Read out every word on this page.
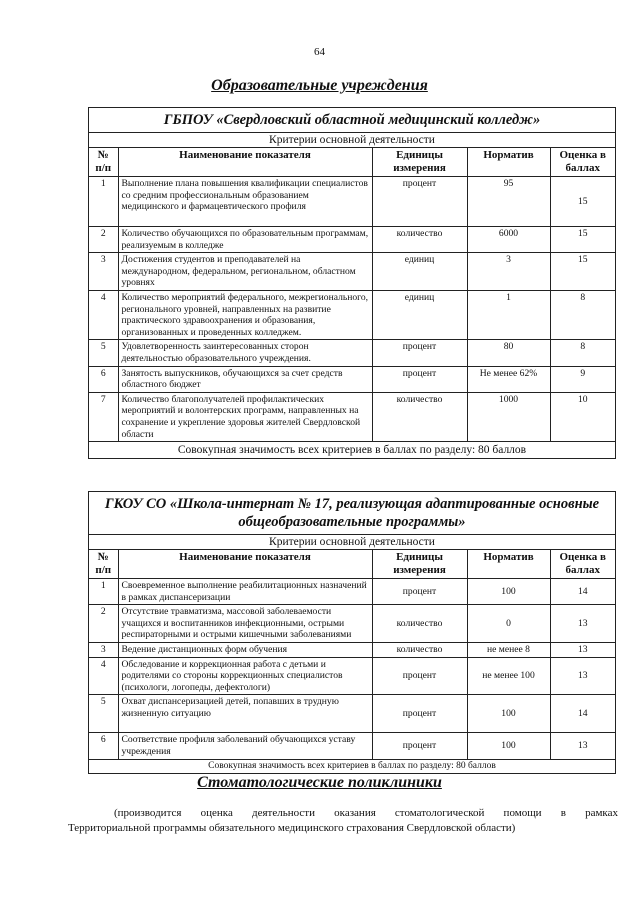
64
Образовательные учреждения
ГБПОУ «Свердловский областной медицинский колледж»
Критерии основной деятельности				
№ п/п	Наименование показателя	Единицы измерения	Норматив	Оценка в баллах
1	Выполнение плана повышения квалификации специалистов со средним профессиональным образованием медицинского и фармацевтического профиля	процент	95	15
2	Количество обучающихся по образовательным программам, реализуемым в колледже	количество	6000	15
3	Достижения студентов и преподавателей на международном, федеральном, региональном, областном уровнях	единиц	3	15
4	Количество мероприятий федерального, межрегионального, регионального уровней, направленных на развитие практического здравоохранения и образования, организованных и проведенных колледжем.	единиц	1	8
5	Удовлетворенность заинтересованных сторон деятельностью образовательного учреждения.	процент	80	8
6	Занятость выпускников, обучающихся за счет средств областного бюджет	процент	Не менее 62%	9
7	Количество благополучателей профилактических мероприятий и волонтерских программ, направленных на сохранение и укрепление здоровья жителей Свердловской области	количество	1000	10
Совокупная значимость всех критериев в баллах по разделу: 80 баллов				
ГКОУ СО «Школа-интернат № 17, реализующая адаптированные основные общеобразовательные программы»
Критерии основной деятельности				
№ п/п	Наименование показателя	Единицы измерения	Норматив	Оценка в баллах
1	Своевременное выполнение реабилитационных назначений в рамках диспансеризации	процент	100	14
2	Отсутствие травматизма, массовой заболеваемости учащихся и воспитанников инфекционными, острыми респираторными и острыми кишечными заболеваниями	количество	0	13
3	Ведение дистанционных форм обучения	количество	не менее 8	13
4	Обследование и коррекционная работа с детьми и родителями со стороны коррекционных специалистов (психологи, логопеды, дефектологи)	процент	не менее 100	13
5	Охват диспансеризацией детей, попавших в трудную жизненную ситуацию	процент	100	14
6	Соответствие профиля заболеваний обучающихся уставу учреждения	процент	100	13
Совокупная значимость всех критериев в баллах по разделу: 80 баллов				
Стоматологические поликлиники
(производится оценка деятельности оказания стоматологической помощи в рамках
Территориальной программы обязательного медицинского страхования Свердловской области)
